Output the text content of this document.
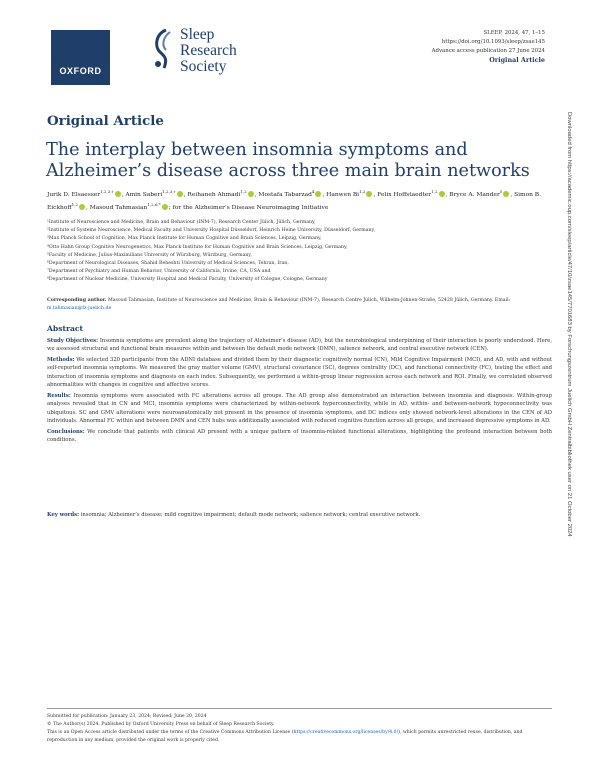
OXFORD
Sleep
Research
Society
SLEEP, 2024, 47, 1–15
https://doi.org/10.1093/sleep/zsae145
Advance access publication 27 June 2024
Original Article
Original Article
The interplay between insomnia symptoms and Alzheimer’s disease across three main brain networks
Jurik D. Elsaesser$^{1,2,3,\dagger}$, Amin Saberi$^{1,2,3,\dagger}$, Reihaneh Ahmadi$^{1,2}$, Mostafa Tabarzad$^4$, Hanwen Bi$^{1,2}$, Felix Hoffstaedter$^{1,2}$, Bryce A. Mander$^5$, Simon B. Eickhoff$^{1,2}$, Masoud Tahmasian$^{1,2,6,*}$; for the Alzheimer’s Disease Neuroimaging Initiative
¹Institute of Neuroscience and Medicine, Brain and Behaviour (INM-7), Research Center Jülich, Jülich, Germany,
²Institute of Systems Neuroscience, Medical Faculty and University Hospital Düsseldorf, Heinrich Heine University, Düsseldorf, Germany,
³Max Planck School of Cognition, Max Planck Institute for Human Cognitive and Brain Sciences, Leipzig, Germany,
⁴Otto Hahn Group Cognitive Neurogenetics, Max Planck Institute for Human Cognitive and Brain Sciences, Leipzig, Germany,
⁵Faculty of Medicine, Julius-Maximilians University of Würzburg, Würzburg, Germany,
⁶Department of Neurological Diseases, Shahid Beheshti University of Medical Sciences, Tehran, Iran,
⁷Department of Psychiatry and Human Behavior, University of California, Irvine, CA, USA and
⁸Department of Nuclear Medicine, University Hospital and Medical Faculty, University of Cologne, Cologne, Germany
Corresponding author. Masoud Tahmasian, Institute of Neuroscience and Medicine, Brain & Behaviour (INM-7), Research Centre Jülich, Wilhelm-Johnen-Straße, 52428 Jülich, Germany. Email: m.tahmasian@fz-juelich.de
Abstract

Study Objectives: Insomnia symptoms are prevalent along the trajectory of Alzheimer’s disease (AD), but the neurobiological underpinning of their interaction is poorly understood. Here, we assessed structural and functional brain measures within and between the default mode network (DMN), salience network, and central executive network (CEN).

Methods: We selected 320 participants from the ADNI database and divided them by their diagnostic cognitively normal (CN), Mild Cognitive Impairment (MCI), and AD, with and without self-reported insomnia symptoms. We measured the gray matter volume (GMV), structural covariance (SC), degrees centrality (DC), and functional connectivity (FC), testing the effect and interaction of insomnia symptoms and diagnosis on each index. Subsequently, we performed a within-group linear regression across each network and ROI. Finally, we correlated observed abnormalities with changes in cognitive and affective scores.

Results: Insomnia symptoms were associated with FC alterations across all groups. The AD group also demonstrated an interaction between insomnia and diagnosis. Within-group analyses revealed that in CN and MCI, insomnia symptoms were characterized by within-network hyperconnectivity, while in AD, within- and between-network hypoconnectivity was ubiquitous. SC and GMV alterations were neuroanatomically not present in the presence of insomnia symptoms, and DC indices only showed network-level alterations in the CEN of AD individuals. Abnormal FC within and between DMN and CEN hubs was additionally associated with reduced cognitive function across all groups, and increased depressive symptoms in AD.

Conclusions: We conclude that patients with clinical AD present with a unique pattern of insomnia-related functional alterations, highlighting the profound interaction between both conditions.

Key words: insomnia; Alzheimer’s disease; mild cognitive impairment; default mode network; salience network; central executive network.
Submitted for publication: January 23, 2024; Revised: June 20, 2024
© The Author(s) 2024. Published by Oxford University Press on behalf of Sleep Research Society.
This is an Open Access article distributed under the terms of the Creative Commons Attribution License (https://creativecommons.org/licenses/by/4.0/), which permits unrestricted reuse, distribution, and reproduction in any medium, provided the original work is properly cited.
Downloaded from https://academic.oup.com/sleep/article/47/10/zsae145/7701683 by Forschungszentrum Juelich GmbH Zentralbibliothek user on 21 October 2024
